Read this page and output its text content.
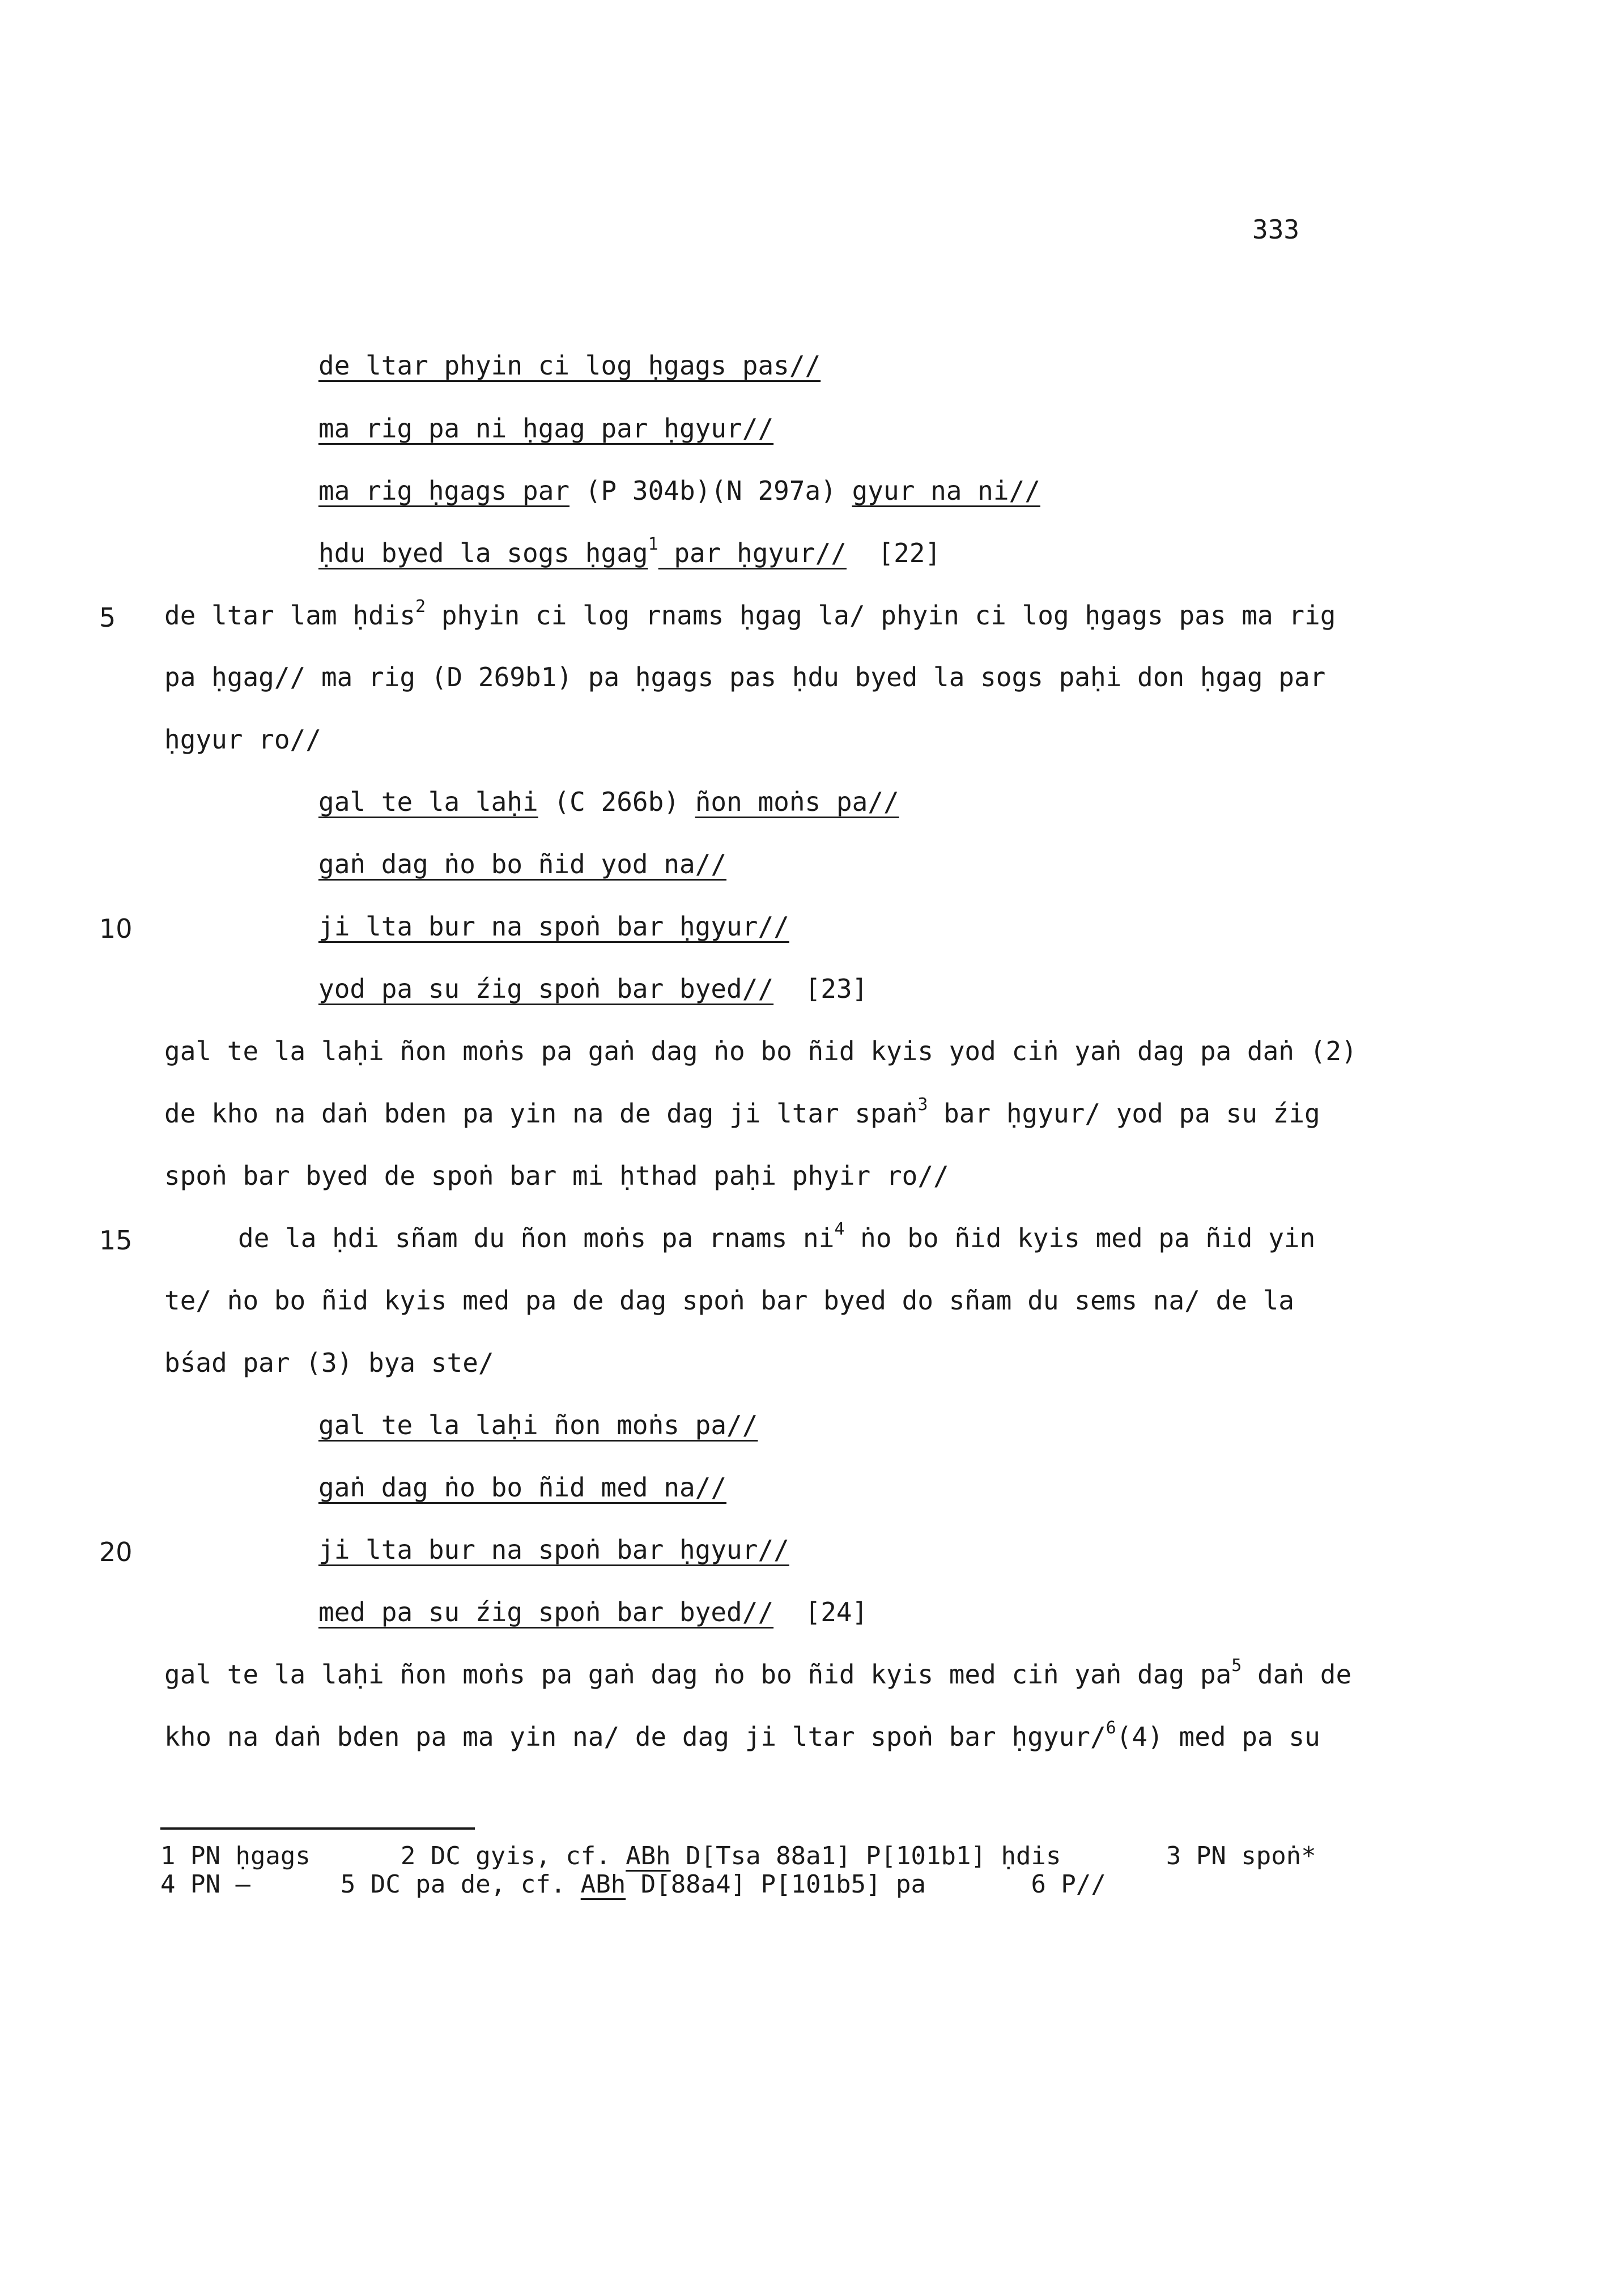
333
de ltar phyin ci log ḥgags pas//
ma rig pa ni ḥgag par ḥgyur//
ma rig ḥgags par (P 304b)(N 297a) gyur na ni//
ḥdu byed la sogs ḥgag$^1$ par ḥgyur//  [22]
de ltar lam ḥdis$^2$ phyin ci log rnams ḥgag la/ phyin ci log ḥgags pas ma rig
5
pa ḥgag// ma rig (D 269b1) pa ḥgags pas ḥdu byed la sogs paḥi don ḥgag par
ḥgyur ro//
gal te la laḥi (C 266b) ñon moṅs pa//
gaṅ dag ṅo bo ñid yod na//
ji lta bur na spoṅ bar ḥgyur//
10
yod pa su źig spoṅ bar byed//  [23]
gal te la laḥi ñon moṅs pa gaṅ dag ṅo bo ñid kyis yod ciṅ yaṅ dag pa daṅ (2)
de kho na daṅ bden pa yin na de dag ji ltar spaṅ$^3$ bar ḥgyur/ yod pa su źig
spoṅ bar byed de spoṅ bar mi ḥthad paḥi phyir ro//
de la ḥdi sñam du ñon moṅs pa rnams $ni^4$ ṅo bo ñid kyis med pa ñid yin
15
te/ ṅo bo ñid kyis med pa de dag spoṅ bar byed do sñam du sems na/ de la
bśad par (3) bya ste/
gal te la laḥi ñon moṅs pa//
gaṅ dag ṅo bo ñid med na//
ji lta bur na spoṅ bar ḥgyur//
20
med pa su źig spoṅ bar byed//  [24]
gal te la laḥi ñon moṅs pa gaṅ dag ṅo bo ñid kyis med ciṅ yaṅ dag $pa^5$ daṅ de
kho na daṅ bden pa ma yin na/ de dag ji ltar spoṅ bar ḥgyur/$^6$(4) med pa su
1 PN ḥgags      2 DC gyis, cf. ABh D[Tsa 88a1] P[101b1] ḥdis       3 PN spoṅ*
4 PN —      5 DC pa de, cf. ABh D[88a4] P[101b5] pa       6 P//
